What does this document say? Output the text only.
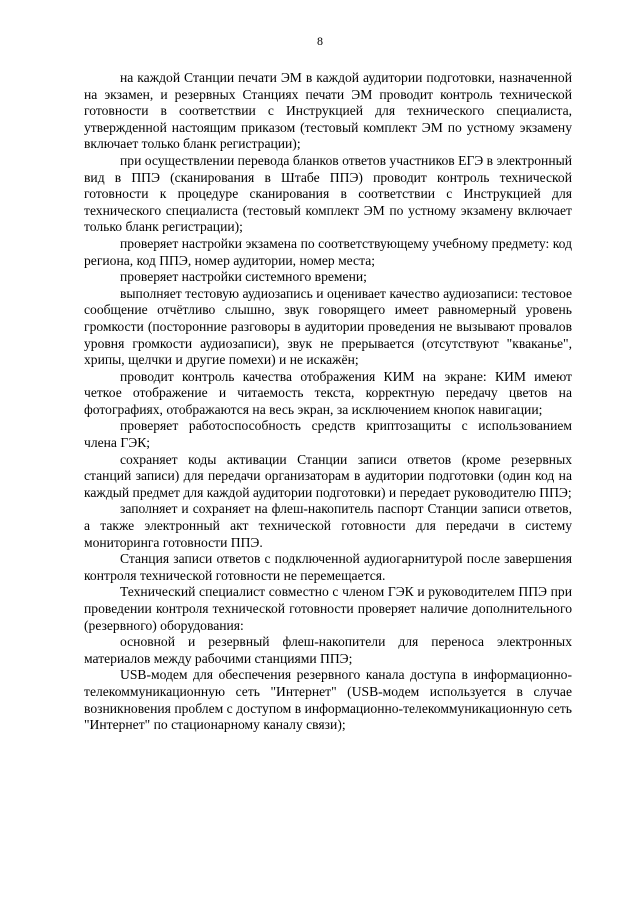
8

на каждой Станции печати ЭМ в каждой аудитории подготовки, назначенной на экзамен, и резервных Станциях печати ЭМ проводит контроль технической готовности в соответствии с Инструкцией для технического специалиста, утвержденной настоящим приказом (тестовый комплект ЭМ по устному экзамену включает только бланк регистрации);

при осуществлении перевода бланков ответов участников ЕГЭ в электронный вид в ППЭ (сканирования в Штабе ППЭ) проводит контроль технической готовности к процедуре сканирования в соответствии с Инструкцией для технического специалиста (тестовый комплект ЭМ по устному экзамену включает только бланк регистрации);

проверяет настройки экзамена по соответствующему учебному предмету: код региона, код ППЭ, номер аудитории, номер места;

проверяет настройки системного времени;

выполняет тестовую аудиозапись и оценивает качество аудиозаписи: тестовое сообщение отчётливо слышно, звук говорящего имеет равномерный уровень громкости (посторонние разговоры в аудитории проведения не вызывают провалов уровня громкости аудиозаписи), звук не прерывается (отсутствуют "кваканье", хрипы, щелчки и другие помехи) и не искажён;

проводит контроль качества отображения КИМ на экране: КИМ имеют четкое отображение и читаемость текста, корректную передачу цветов на фотографиях, отображаются на весь экран, за исключением кнопок навигации;

проверяет работоспособность средств криптозащиты с использованием члена ГЭК;

сохраняет коды активации Станции записи ответов (кроме резервных станций записи) для передачи организаторам в аудитории подготовки (один код на каждый предмет для каждой аудитории подготовки) и передает руководителю ППЭ;

заполняет и сохраняет на флеш-накопитель паспорт Станции записи ответов, а также электронный акт технической готовности для передачи в систему мониторинга готовности ППЭ.

Станция записи ответов с подключенной аудиогарнитурой после завершения контроля технической готовности не перемещается.

Технический специалист совместно с членом ГЭК и руководителем ППЭ при проведении контроля технической готовности проверяет наличие дополнительного (резервного) оборудования:

основной и резервный флеш-накопители для переноса электронных материалов между рабочими станциями ППЭ;

USB-модем для обеспечения резервного канала доступа в информационно-телекоммуникационную сеть "Интернет" (USB-модем используется в случае возникновения проблем с доступом в информационно-телекоммуникационную сеть "Интернет" по стационарному каналу связи);
